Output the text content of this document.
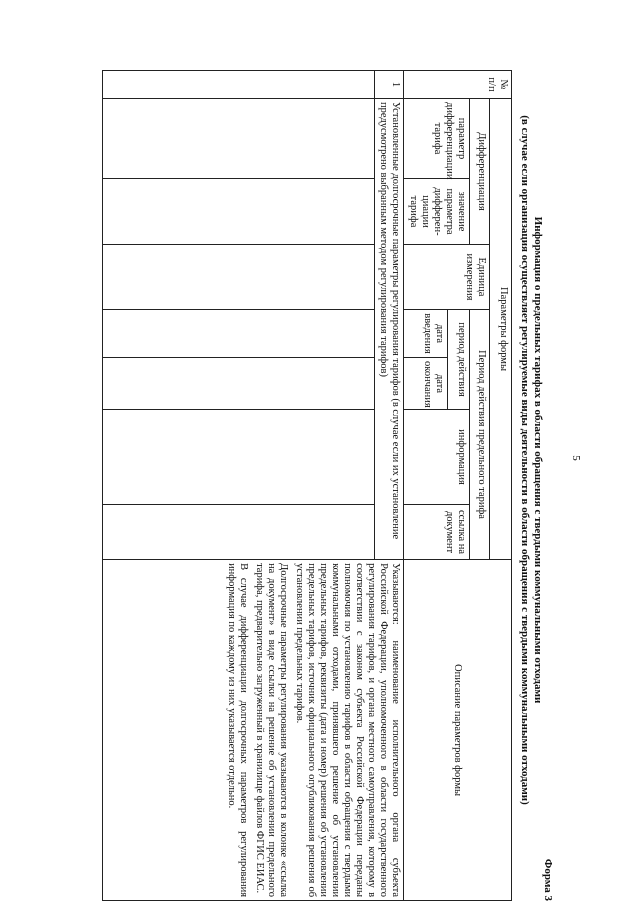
5
Форма 3
Информация о предельных тарифах в области обращения с твердыми коммунальными отходами
(в случае если организация осуществляет регулируемые виды деятельности в области обращения с твердыми коммунальными отходами)
№ п/п	Параметры формы							Описание параметров формы
	Дифференциация		Единица измерения	Период действия предельного тарифа				
	параметр дифференциации тарифа	значение параметра дифферен-циации тарифа		период действия		информация	ссылка на документ	
				дата введения	дата окончания			
1	Установленные долгосрочные параметры регулирования тарифов (в случае если их установление предусмотрено выбранным методом регулирования тарифов)							Указываются: наименование исполнительного органа субъекта Российской Федерации, уполномоченного в области государственного регулирования тарифов, и органа местного самоуправления, которому в соответствии с законом субъекта Российской Федерации переданы полномочия по установлению тарифов в области обращения с твердыми коммунальными отходами, принявшего решение об установлении предельных тарифов, реквизиты (дата и номер) решения об установлении предельных тарифов, источник официального опубликования решения об установлении предельных тарифов.

Долгосрочные параметры регулирования указываются в колонке «ссылка на документ» в виде ссылки на решение об установлении предельного тарифа, предварительно загруженный в хранилище файлов ФГИС ЕИАС.

В случае дифференциации долгосрочных параметров регулирования информация по каждому из них указывается отдельно.
